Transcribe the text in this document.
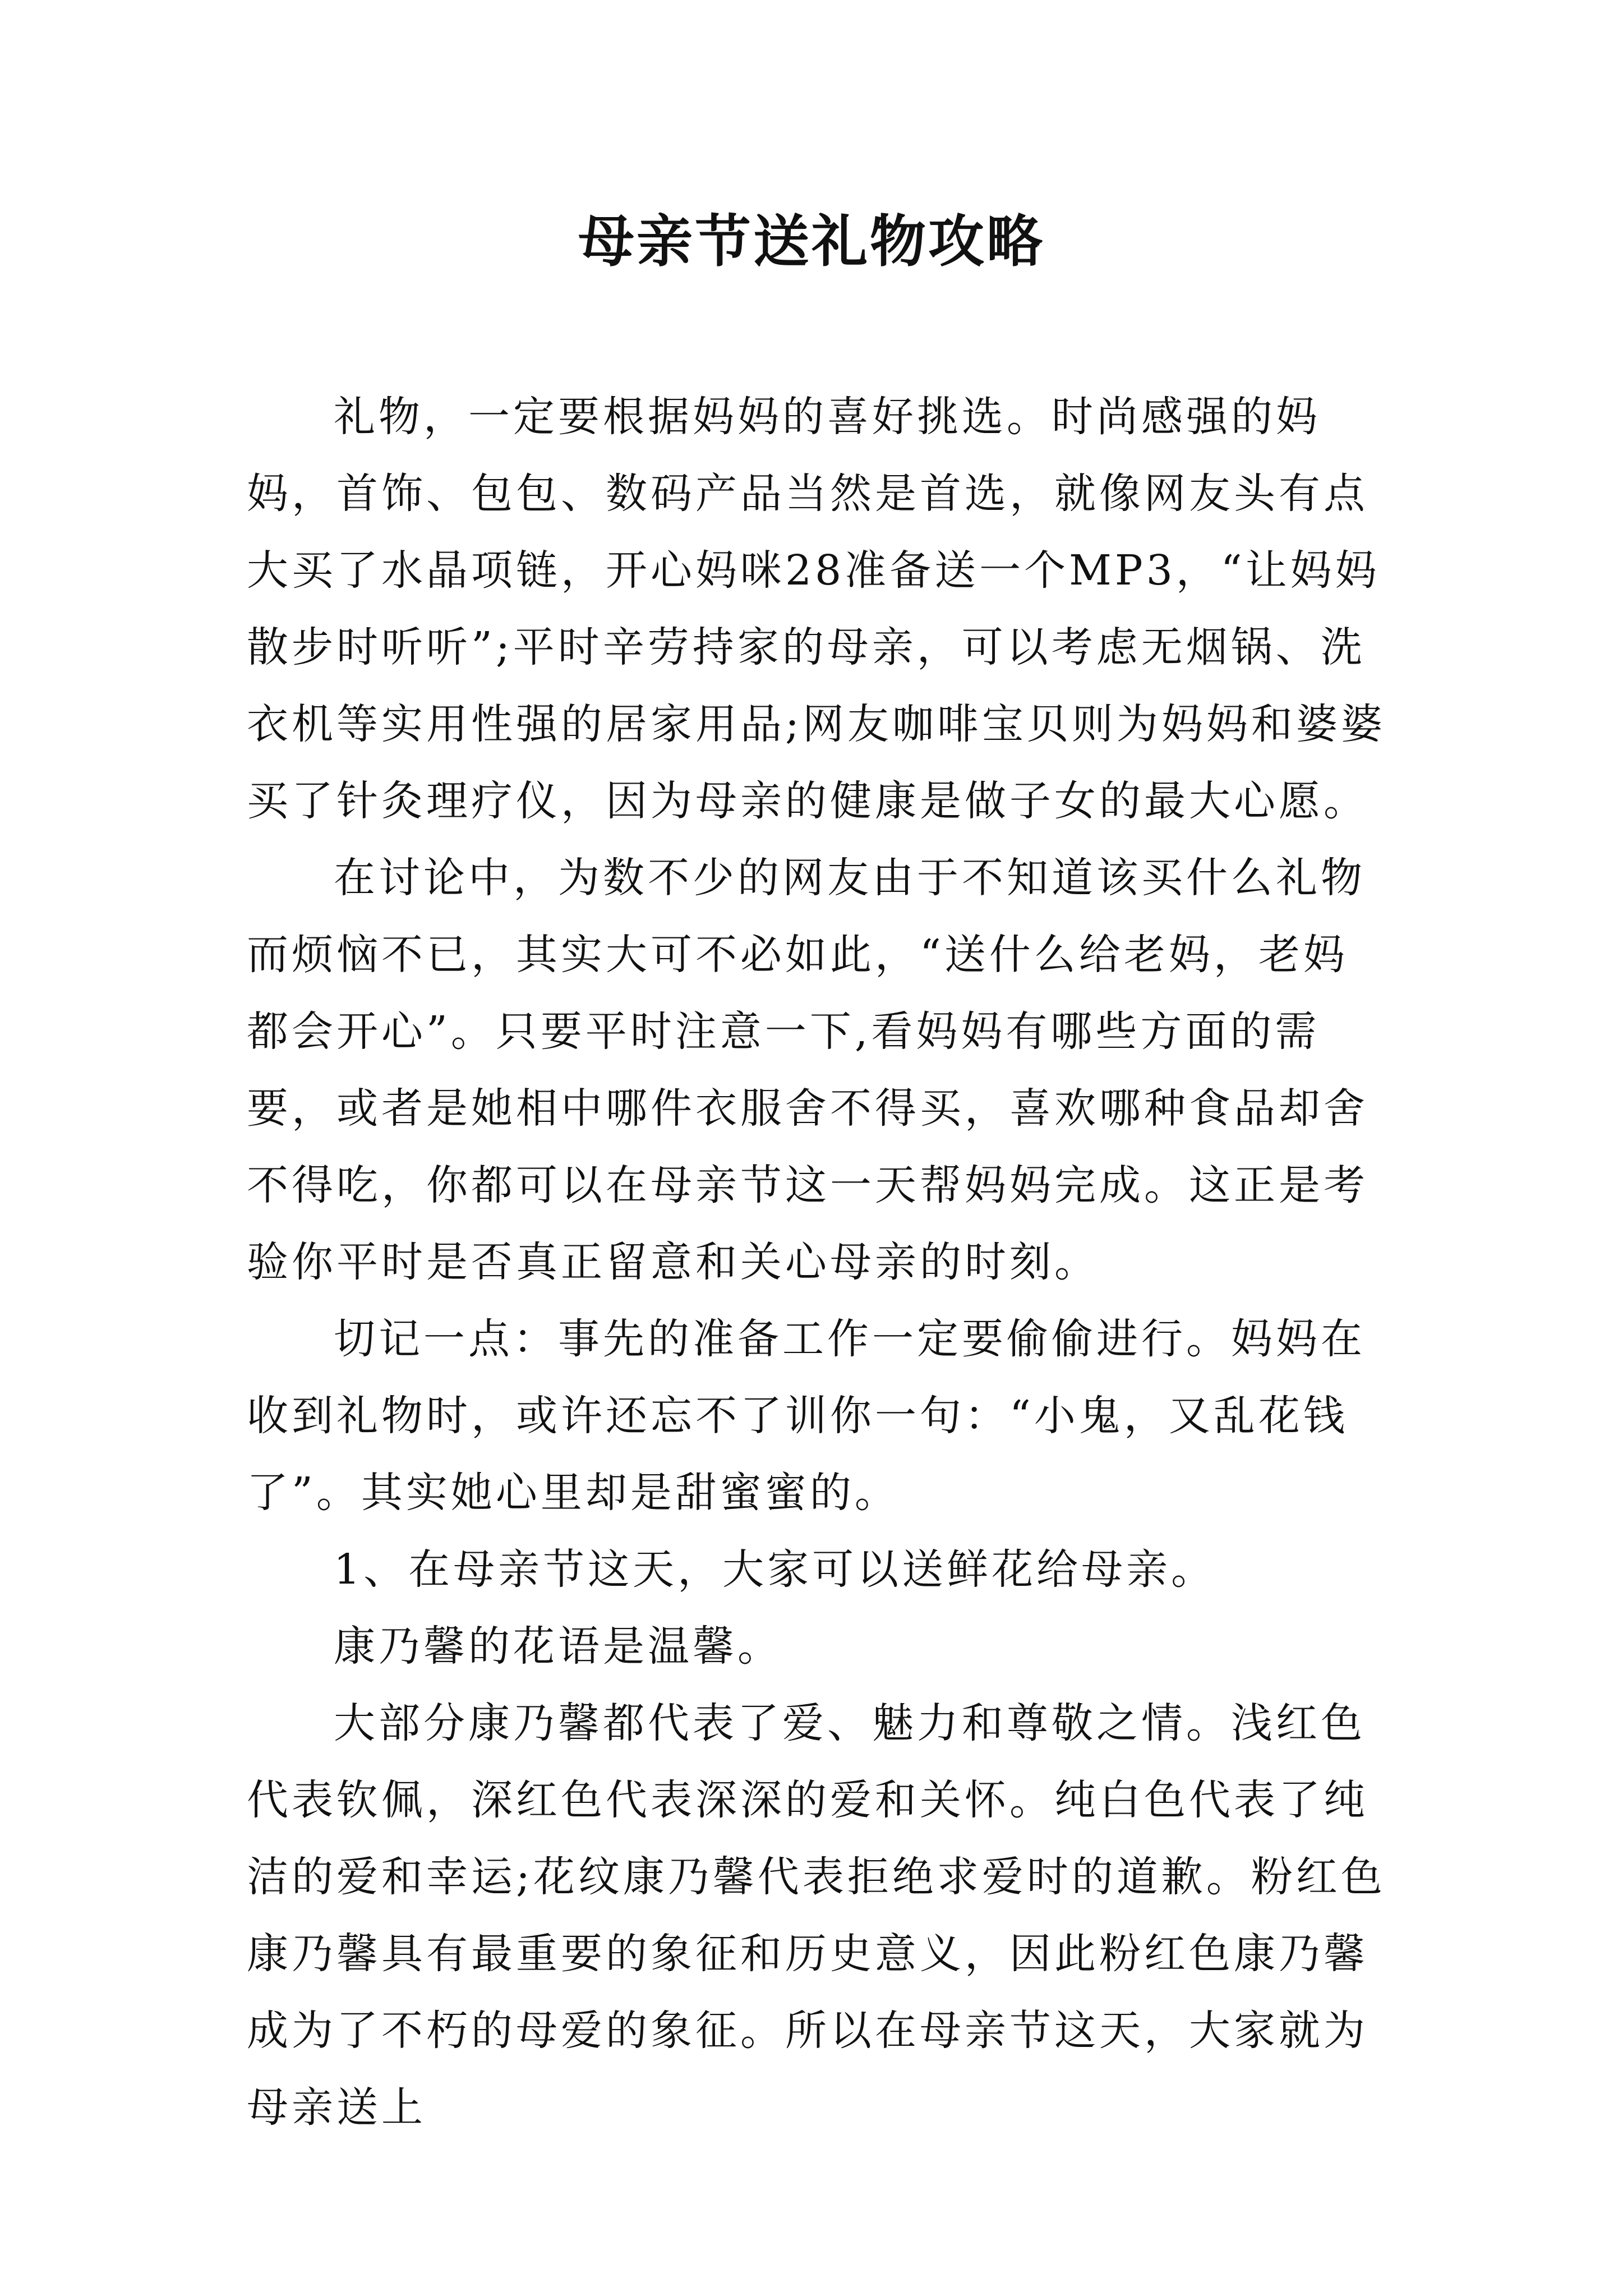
母亲节送礼物攻略

礼物，一定要根据妈妈的喜好挑选。时尚感强的妈妈，首饰、包包、数码产品当然是首选，就像网友头有点大买了水晶项链，开心妈咪28准备送一个MP3，“让妈妈散步时听听”;平时辛劳持家的母亲，可以考虑无烟锅、洗衣机等实用性强的居家用品;网友咖啡宝贝则为妈妈和婆婆买了针灸理疗仪，因为母亲的健康是做子女的最大心愿。

在讨论中，为数不少的网友由于不知道该买什么礼物而烦恼不已，其实大可不必如此，“送什么给老妈，老妈都会开心”。只要平时注意一下,看妈妈有哪些方面的需要，或者是她相中哪件衣服舍不得买，喜欢哪种食品却舍不得吃，你都可以在母亲节这一天帮妈妈完成。这正是考验你平时是否真正留意和关心母亲的时刻。

切记一点：事先的准备工作一定要偷偷进行。妈妈在收到礼物时，或许还忘不了训你一句：“小鬼，又乱花钱了”。其实她心里却是甜蜜蜜的。

1、在母亲节这天，大家可以送鲜花给母亲。

康乃馨的花语是温馨。

大部分康乃馨都代表了爱、魅力和尊敬之情。浅红色代表钦佩，深红色代表深深的爱和关怀。纯白色代表了纯洁的爱和幸运;花纹康乃馨代表拒绝求爱时的道歉。粉红色康乃馨具有最重要的象征和历史意义，因此粉红色康乃馨成为了不朽的母爱的象征。所以在母亲节这天，大家就为母亲送上
